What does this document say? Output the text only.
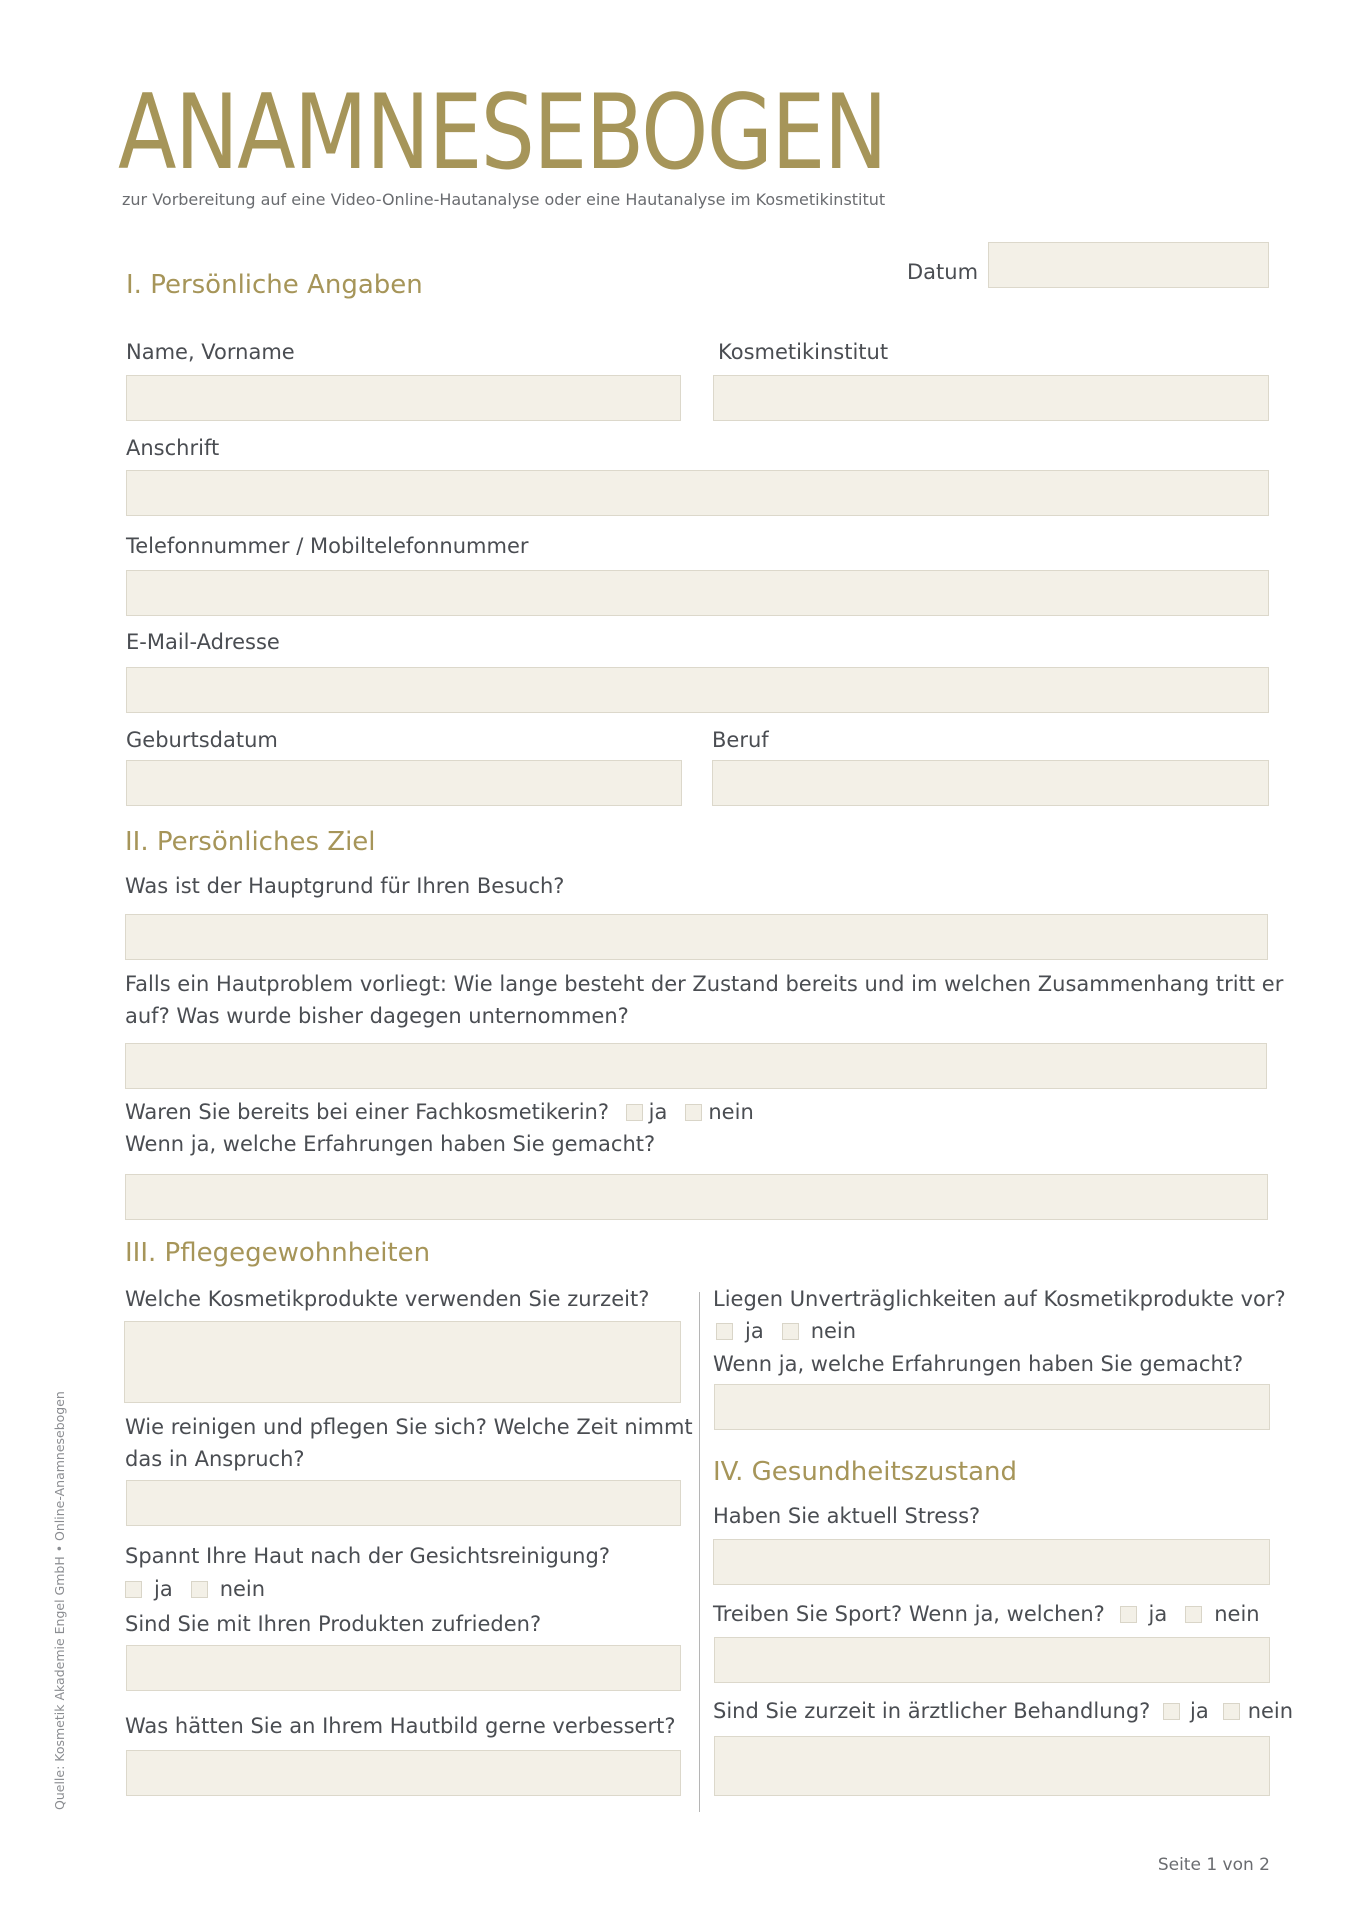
ANAMNESEBOGEN
zur Vorbereitung auf eine Video-Online-Hautanalyse oder eine Hautanalyse im Kosmetikinstitut
Datum
I. Persönliche Angaben
Name, Vorname	Kosmetikinstitut
Anschrift
Telefonnummer / Mobiltelefonnummer
E-Mail-Adresse
Geburtsdatum	Beruf
II. Persönliches Ziel
Was ist der Hauptgrund für Ihren Besuch?
Falls ein Hautproblem vorliegt: Wie lange besteht der Zustand bereits und im welchen Zusammenhang tritt er
auf? Was wurde bisher dagegen unternommen?
Waren Sie bereits bei einer Fachkosmetikerin? ja nein
Wenn ja, welche Erfahrungen haben Sie gemacht?
III. Pflegegewohnheiten
Welche Kosmetikprodukte verwenden Sie zurzeit?
Wie reinigen und pflegen Sie sich? Welche Zeit nimmt
das in Anspruch?
Spannt Ihre Haut nach der Gesichtsreinigung?
ja nein
Sind Sie mit Ihren Produkten zufrieden?
Was hätten Sie an Ihrem Hautbild gerne verbessert?
Liegen Unverträglichkeiten auf Kosmetikprodukte vor?
ja nein
Wenn ja, welche Erfahrungen haben Sie gemacht?
IV. Gesundheitszustand
Haben Sie aktuell Stress?
Treiben Sie Sport? Wenn ja, welchen? ja nein
Sind Sie zurzeit in ärztlicher Behandlung? ja nein
Quelle: Kosmetik Akademie Engel GmbH • Online-Anamnesebogen
Seite 1 von 2
